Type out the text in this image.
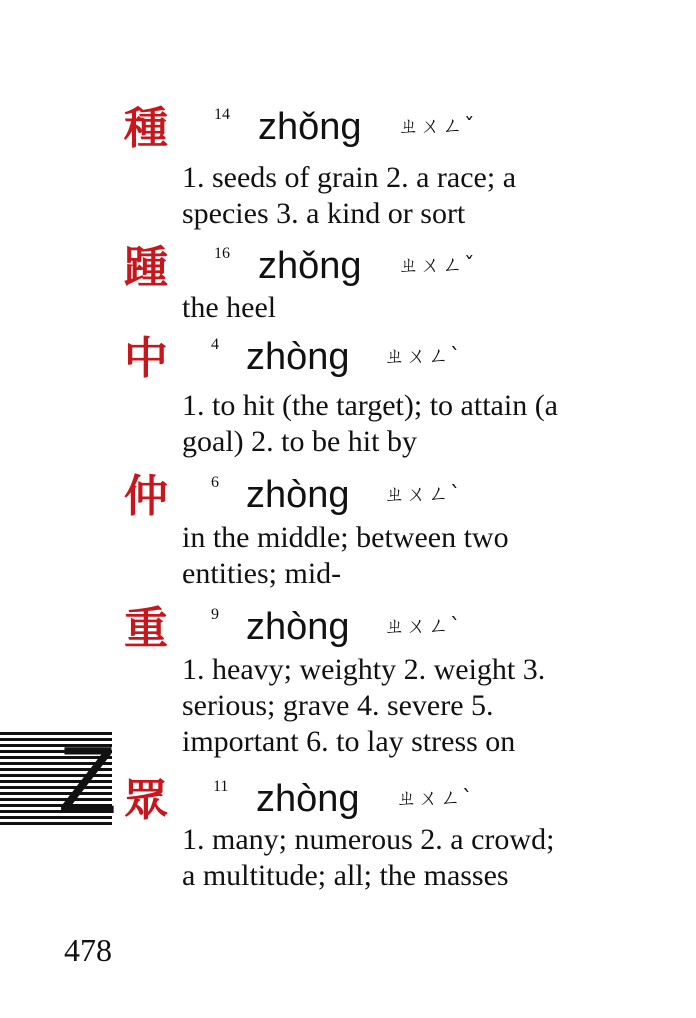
種	14 zhǒng ㄓㄨㄥˇ
1. seeds of grain 2. a race; a
species 3. a kind or sort
踵	16 zhǒng ㄓㄨㄥˇ
the heel
中	4 zhòng ㄓㄨㄥˋ
1. to hit (the target); to attain (a
goal) 2. to be hit by
仲	6 zhòng ㄓㄨㄥˋ
in the middle; between two
entities; mid-
重	9 zhòng ㄓㄨㄥˋ
1. heavy; weighty 2. weight 3.
serious; grave 4. severe 5.
important 6. to lay stress on
眾	11 zhòng ㄓㄨㄥˋ
1. many; numerous 2. a crowd;
a multitude; all; the masses
Z
478
